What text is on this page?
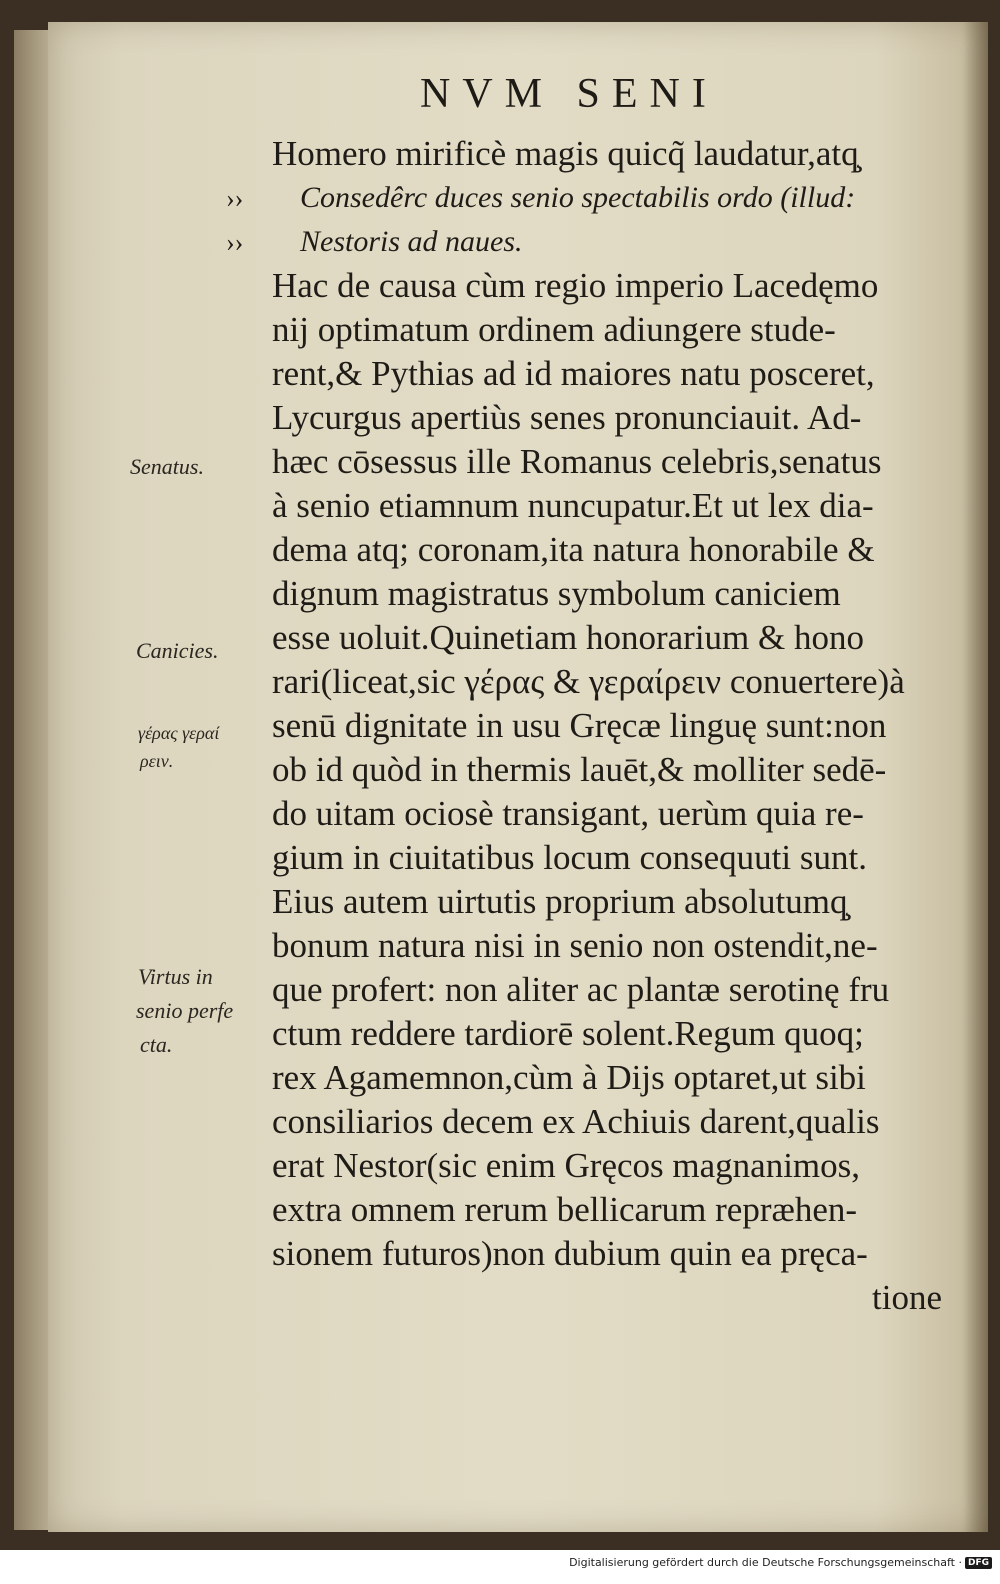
NVM SENI
››
››
Homero mirificè magis quicq̃ laudatur,atq̧
Consedêrc duces senio spectabilis ordo (illud:
Nestoris ad naues.
Hac de causa cùm regio imperio Lacedęmo
nij optimatum ordinem adiungere stude-
rent,& Pythias ad id maiores natu posceret,
Lycurgus apertiùs senes pronunciauit. Ad-
hæc cōsessus ille Romanus celebris,senatus
à senio etiamnum nuncupatur.Et ut lex dia-
dema atq; coronam,ita natura honorabile &
dignum magistratus symbolum caniciem
esse uoluit.Quinetiam honorarium & hono
rari(liceat,sic γέρας & γεραίρειν conuertere)à
senū dignitate in usu Gręcæ linguę sunt:non
ob id quòd in thermis lauēt,& molliter sedē-
do uitam ociosè transigant, uerùm quia re-
gium in ciuitatibus locum consequuti sunt.
Eius autem uirtutis proprium absolutumq̧
bonum natura nisi in senio non ostendit,ne-
que profert: non aliter ac plantæ serotinę fru
ctum reddere tardiorē solent.Regum quoq;
rex Agamemnon,cùm à Dijs optaret,ut sibi
consiliarios decem ex Achiuis darent,qualis
erat Nestor(sic enim Gręcos magnanimos,
extra omnem rerum bellicarum repræhen-
sionem futuros)non dubium quin ea pręca-
tione
Senatus.
Canicies.
γέρας γεραί
ρειν.
Virtus in
senio perfe
cta.
Digitalisierung gefördert durch die Deutsche Forschungsgemeinschaft · DFG
